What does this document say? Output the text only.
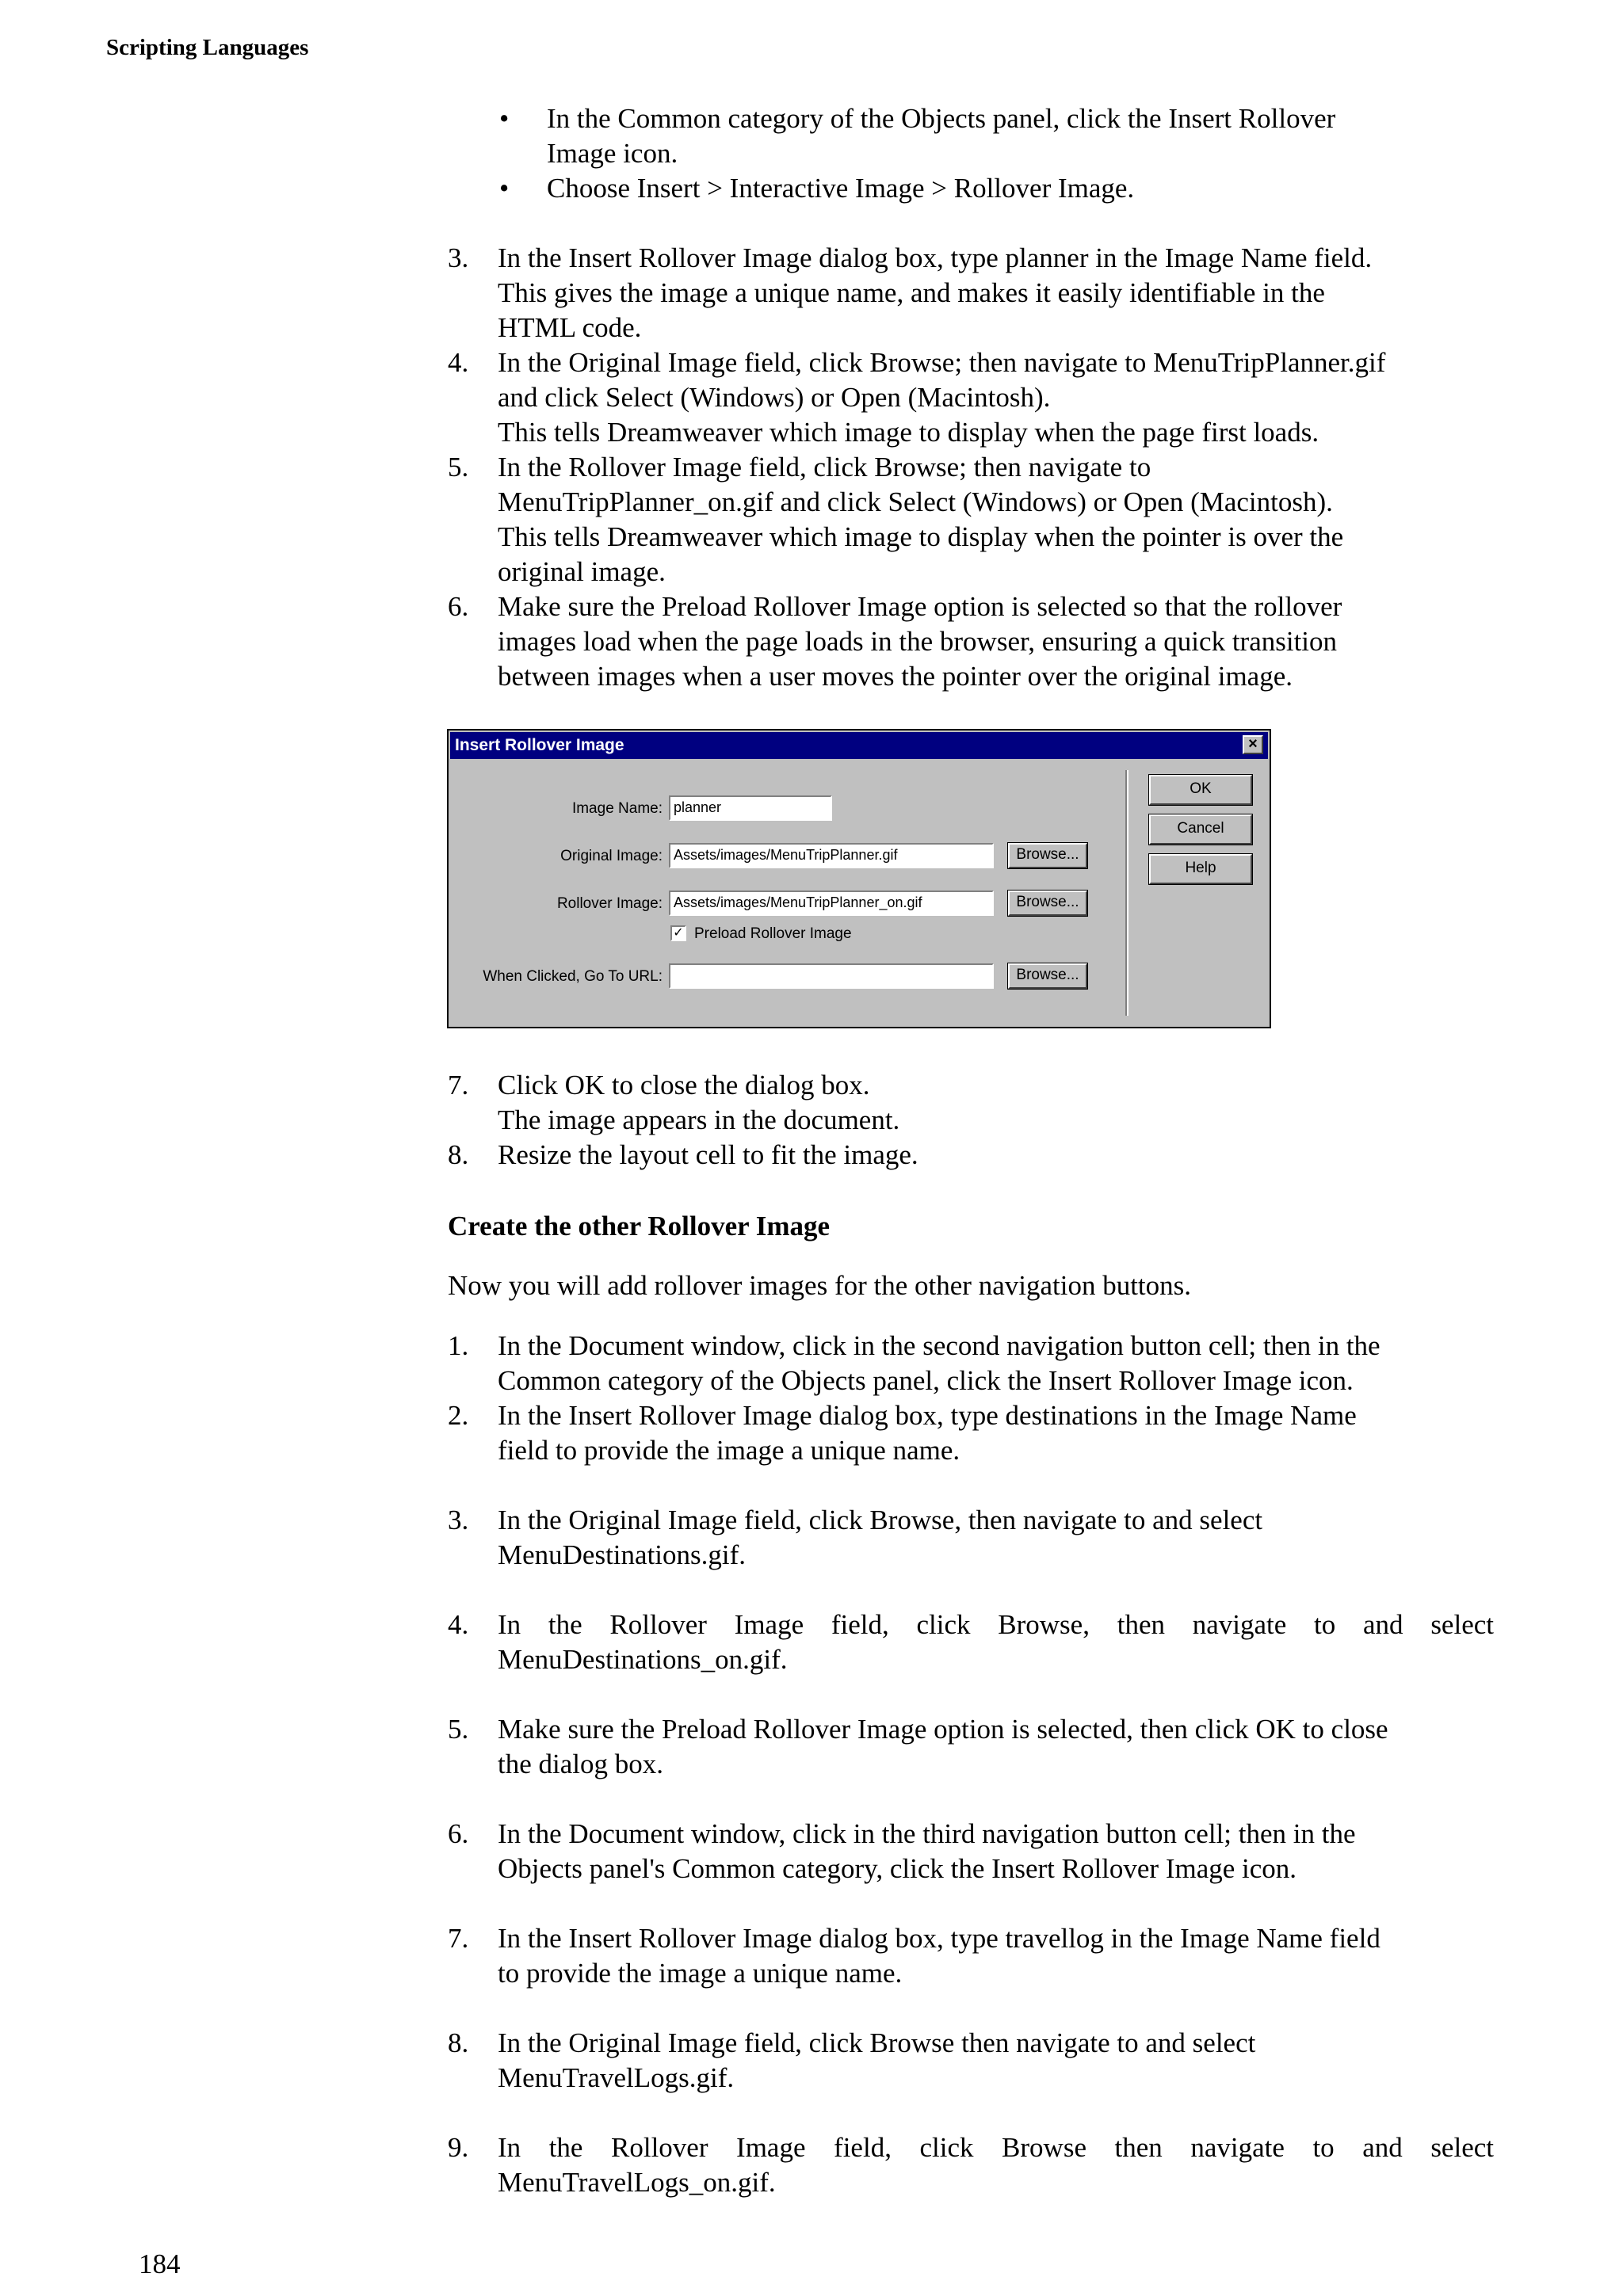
Scripting Languages
• In the Common category of the Objects panel, click the Insert Rollover
Image icon.
• Choose Insert > Interactive Image > Rollover Image.
3. In the Insert Rollover Image dialog box, type planner in the Image Name field.
This gives the image a unique name, and makes it easily identifiable in the
HTML code.
4. In the Original Image field, click Browse; then navigate to MenuTripPlanner.gif
and click Select (Windows) or Open (Macintosh).
This tells Dreamweaver which image to display when the page first loads.
5. In the Rollover Image field, click Browse; then navigate to
MenuTripPlanner_on.gif and click Select (Windows) or Open (Macintosh).
This tells Dreamweaver which image to display when the pointer is over the
original image.
6. Make sure the Preload Rollover Image option is selected so that the rollover
images load when the page loads in the browser, ensuring a quick transition
between images when a user moves the pointer over the original image.
Insert Rollover Image	×
Image Name: planner
Original Image: Assets/images/MenuTripPlanner.gif	Browse...
Rollover Image: Assets/images/MenuTripPlanner_on.gif	Browse...
✓ Preload Rollover Image
When Clicked, Go To URL:	Browse...
OK
Cancel
Help
7. Click OK to close the dialog box.
The image appears in the document.
8. Resize the layout cell to fit the image.
Create the other Rollover Image
Now you will add rollover images for the other navigation buttons.
1. In the Document window, click in the second navigation button cell; then in the
Common category of the Objects panel, click the Insert Rollover Image icon.
2. In the Insert Rollover Image dialog box, type destinations in the Image Name
field to provide the image a unique name.
3. In the Original Image field, click Browse, then navigate to and select
MenuDestinations.gif.
4. In the Rollover Image field, click Browse, then navigate to and select
MenuDestinations_on.gif.
5. Make sure the Preload Rollover Image option is selected, then click OK to close
the dialog box.
6. In the Document window, click in the third navigation button cell; then in the
Objects panel's Common category, click the Insert Rollover Image icon.
7. In the Insert Rollover Image dialog box, type travellog in the Image Name field
to provide the image a unique name.
8. In the Original Image field, click Browse then navigate to and select
MenuTravelLogs.gif.
9. In the Rollover Image field, click Browse then navigate to and select
MenuTravelLogs_on.gif.
184
